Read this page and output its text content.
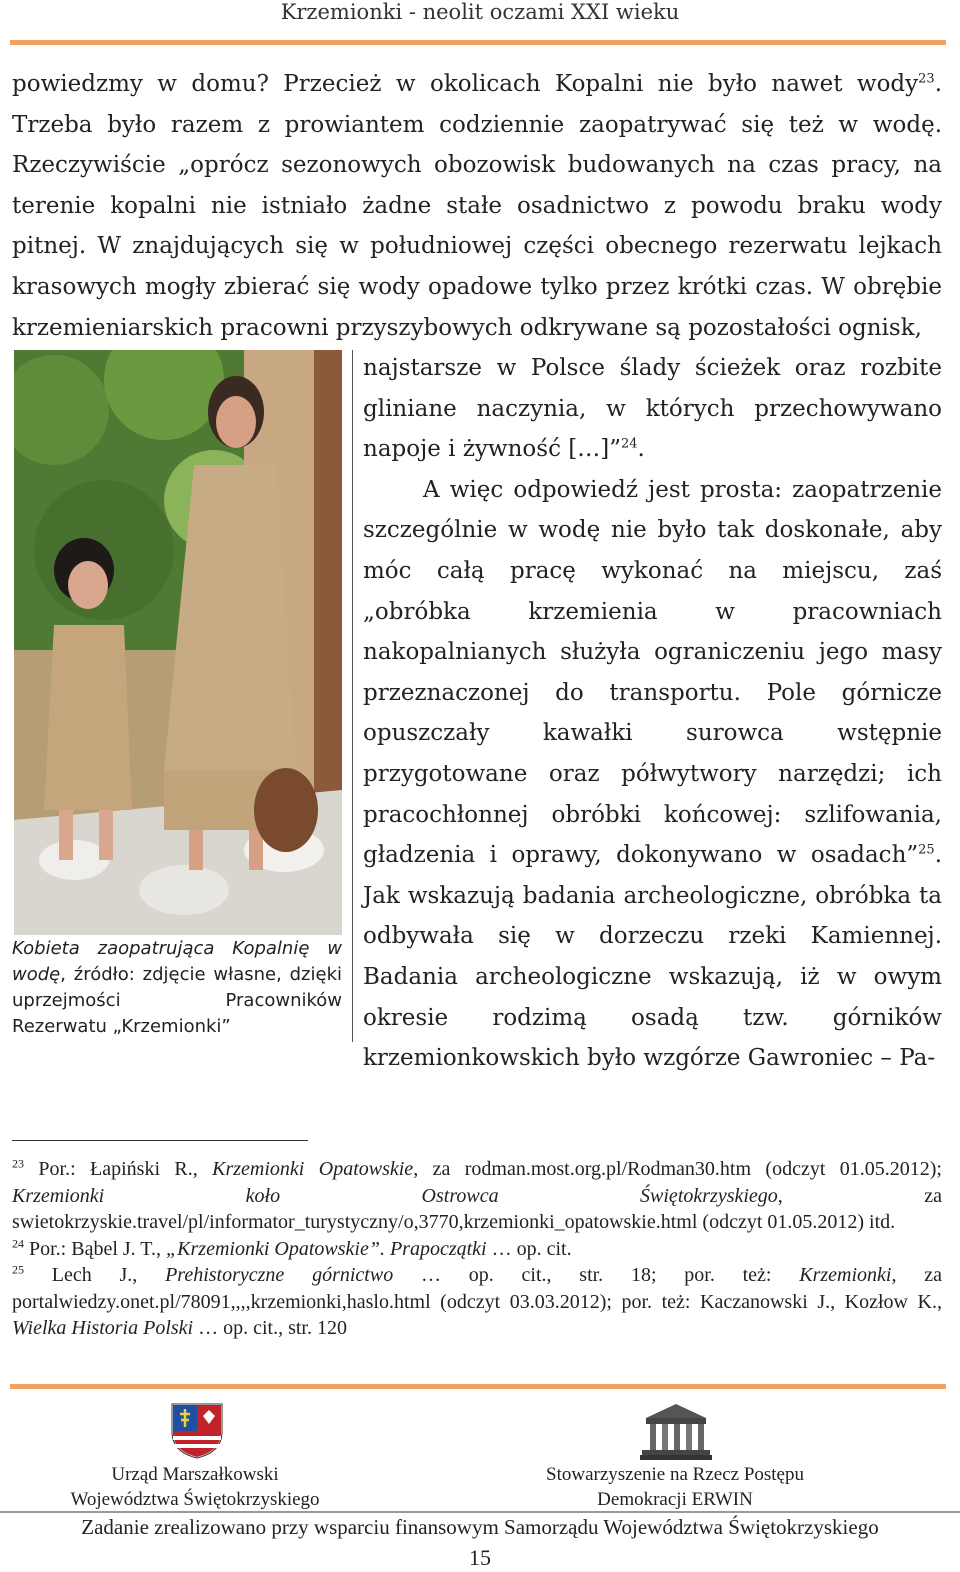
Krzemionki - neolit oczami XXI wieku
powiedzmy w domu? Przecież w okolicach Kopalni nie było nawet wody$^{23}$. Trzeba było razem z prowiantem codziennie zaopatrywać się też w wodę. Rzeczywiście „oprócz sezonowych obozowisk budowanych na czas pracy, na terenie kopalni nie istniało żadne stałe osadnictwo z powodu braku wody pitnej. W znajdujących się w południowej części obecnego rezerwatu lejkach krasowych mogły zbierać się wody opadowe tylko przez krótki czas. W obrębie krzemieniarskich pracowni przyszybowych odkrywane są pozostałości ognisk,
Kobieta zaopatrująca Kopalnię w wodę, źródło: zdjęcie własne, dzięki uprzejmości Pracowników Rezerwatu „Krzemionki”

najstarsze w Polsce ślady ścieżek oraz rozbite gliniane naczynia, w których przechowywano napoje i żywność […]”$^{24}$.

A więc odpowiedź jest prosta: zaopatrzenie szczególnie w wodę nie było tak doskonałe, aby móc całą pracę wykonać na miejscu, zaś „obróbka krzemienia w pracowniach nakopalnianych służyła ograniczeniu jego masy przeznaczonej do transportu. Pole górnicze opuszczały kawałki surowca wstępnie przygotowane oraz półwytwory narzędzi; ich pracochłonnej obróbki końcowej: szlifowania, gładzenia i oprawy, dokonywano w osadach”$^{25}$. Jak wskazują badania archeologiczne, obróbka ta odbywała się w dorzeczu rzeki Kamiennej. Badania archeologiczne wskazują, iż w owym okresie rodzimą osadą tzw. górników krzemionkowskich było wzgórze Gawroniec – Pa-

$^{23}$ Por.: Łapiński R., Krzemionki Opatowskie, za rodman.most.org.pl/Rodman30.htm (odczyt 01.05.2012); Krzemionki koło Ostrowca Świętokrzyskiego, za swietokrzyskie.travel/pl/informator_turystyczny/o,3770,krzemionki_opatowskie.html (odczyt 01.05.2012) itd.

$^{24}$ Por.: Bąbel J. T., „Krzemionki Opatowskie”. Prapoczątki … op. cit.

$^{25}$ Lech J., Prehistoryczne górnictwo … op. cit., str. 18; por. też: Krzemionki, za portalwiedzy.onet.pl/78091,,,,krzemionki,haslo.html (odczyt 03.03.2012); por. też: Kaczanowski J., Kozłow K., Wielka Historia Polski … op. cit., str. 120

Urząd Marszałkowski
Województwa Świętokrzyskiego
Stowarzyszenie na Rzecz Postępu
Demokracji ERWIN
Zadanie zrealizowano przy wsparciu finansowym Samorządu Województwa Świętokrzyskiego
15
